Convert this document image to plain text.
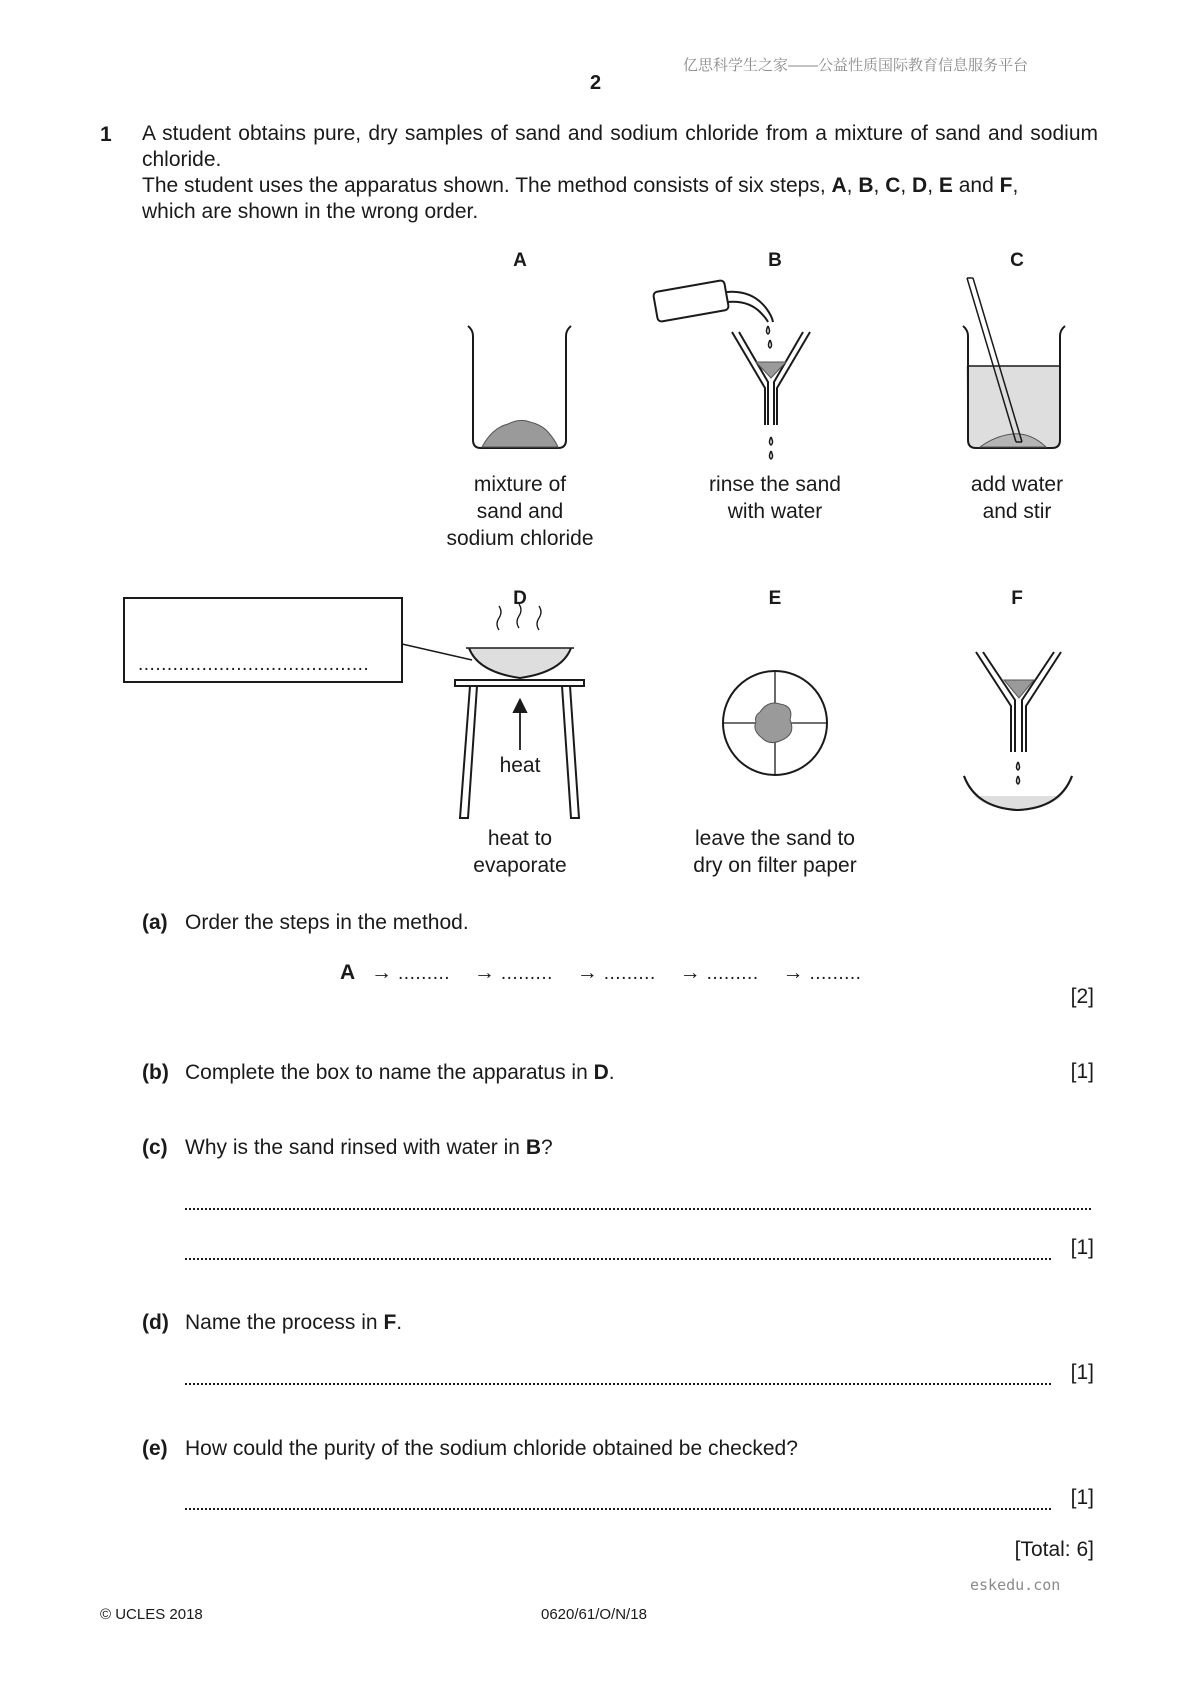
亿思科学生之家——公益性质国际教育信息服务平台
2
1 A student obtains pure, dry samples of sand and sodium chloride from a mixture of sand and sodium chloride.
The student uses the apparatus shown. The method consists of six steps, A, B, C, D, E and F,
which are shown in the wrong order.
A	B	C
D	E	F
........................................
mixture of
sand and
sodium chloride
rinse the sand
with water
add water
and stir
heat
heat to
evaporate
leave the sand to
dry on filter paper
(a) Order the steps in the method.
A → ......... → ......... → ......... → ......... → .........
[2]
(b) Complete the box to name the apparatus in D.	[1]
(c) Why is the sand rinsed with water in B?
[1]
(d) Name the process in F.
[1]
(e) How could the purity of the sodium chloride obtained be checked?
[1]
[Total: 6]
eskedu.con
© UCLES 2018	0620/61/O/N/18
